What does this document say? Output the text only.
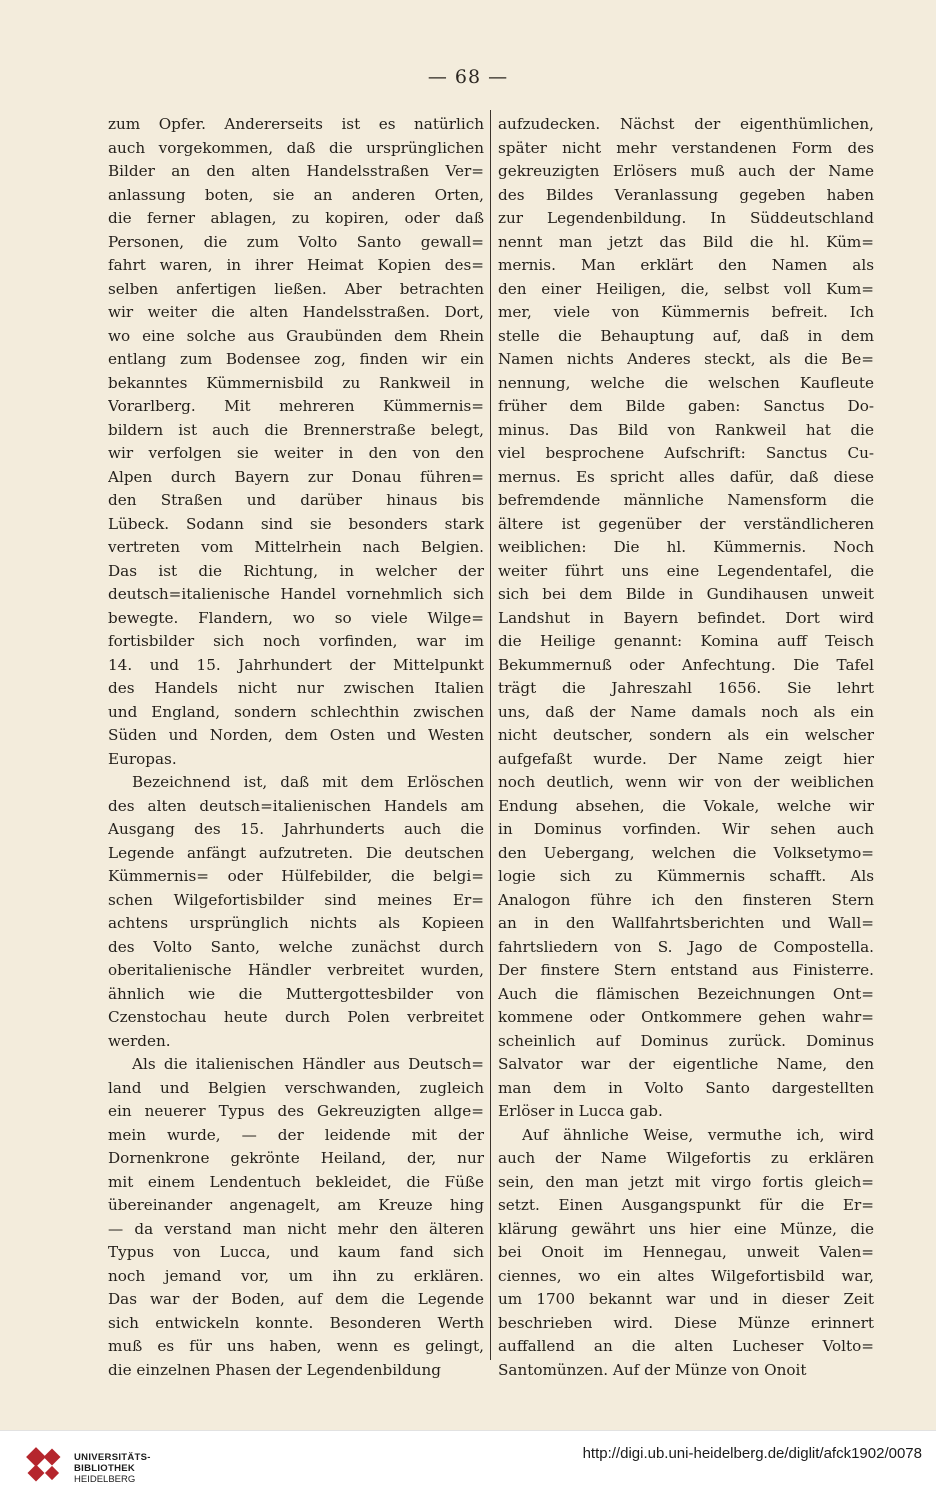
— 68 —
zum Opfer. Andererseits ist es natürlich
auch vorgekommen, daß die ursprünglichen
Bilder an den alten Handelsstraßen Ver=
anlassung boten, sie an anderen Orten,
die ferner ablagen, zu kopiren, oder daß
Personen, die zum Volto Santo gewall=
fahrt waren, in ihrer Heimat Kopien des=
selben anfertigen ließen. Aber betrachten
wir weiter die alten Handelsstraßen. Dort,
wo eine solche aus Graubünden dem Rhein
entlang zum Bodensee zog, finden wir ein
bekanntes Kümmernisbild zu Rankweil in
Vorarlberg. Mit mehreren Kümmernis=
bildern ist auch die Brennerstraße belegt,
wir verfolgen sie weiter in den von den
Alpen durch Bayern zur Donau führen=
den Straßen und darüber hinaus bis
Lübeck. Sodann sind sie besonders stark
vertreten vom Mittelrhein nach Belgien.
Das ist die Richtung, in welcher der
deutsch=italienische Handel vornehmlich sich
bewegte. Flandern, wo so viele Wilge=
fortisbilder sich noch vorfinden, war im
14. und 15. Jahrhundert der Mittelpunkt
des Handels nicht nur zwischen Italien
und England, sondern schlechthin zwischen
Süden und Norden, dem Osten und Westen
Europas.
Bezeichnend ist, daß mit dem Erlöschen
des alten deutsch=italienischen Handels am
Ausgang des 15. Jahrhunderts auch die
Legende anfängt aufzutreten. Die deutschen
Kümmernis= oder Hülfebilder, die belgi=
schen Wilgefortisbilder sind meines Er=
achtens ursprünglich nichts als Kopieen
des Volto Santo, welche zunächst durch
oberitalienische Händler verbreitet wurden,
ähnlich wie die Muttergottesbilder von
Czenstochau heute durch Polen verbreitet
werden.
Als die italienischen Händler aus Deutsch=
land und Belgien verschwanden, zugleich
ein neuerer Typus des Gekreuzigten allge=
mein wurde, — der leidende mit der
Dornenkrone gekrönte Heiland, der, nur
mit einem Lendentuch bekleidet, die Füße
übereinander angenagelt, am Kreuze hing
— da verstand man nicht mehr den älteren
Typus von Lucca, und kaum fand sich
noch jemand vor, um ihn zu erklären.
Das war der Boden, auf dem die Legende
sich entwickeln konnte. Besonderen Werth
muß es für uns haben, wenn es gelingt,
die einzelnen Phasen der Legendenbildung
aufzudecken. Nächst der eigenthümlichen,
später nicht mehr verstandenen Form des
gekreuzigten Erlösers muß auch der Name
des Bildes Veranlassung gegeben haben
zur Legendenbildung. In Süddeutschland
nennt man jetzt das Bild die hl. Küm=
mernis. Man erklärt den Namen als
den einer Heiligen, die, selbst voll Kum=
mer, viele von Kümmernis befreit. Ich
stelle die Behauptung auf, daß in dem
Namen nichts Anderes steckt, als die Be=
nennung, welche die welschen Kaufleute
früher dem Bilde gaben: Sanctus Do-
minus. Das Bild von Rankweil hat die
viel besprochene Aufschrift: Sanctus Cu-
mernus. Es spricht alles dafür, daß diese
befremdende männliche Namensform die
ältere ist gegenüber der verständlicheren
weiblichen: Die hl. Kümmernis. Noch
weiter führt uns eine Legendentafel, die
sich bei dem Bilde in Gundihausen unweit
Landshut in Bayern befindet. Dort wird
die Heilige genannt: Komina auff Teisch
Bekummernuß oder Anfechtung. Die Tafel
trägt die Jahreszahl 1656. Sie lehrt
uns, daß der Name damals noch als ein
nicht deutscher, sondern als ein welscher
aufgefaßt wurde. Der Name zeigt hier
noch deutlich, wenn wir von der weiblichen
Endung absehen, die Vokale, welche wir
in Dominus vorfinden. Wir sehen auch
den Uebergang, welchen die Volksetymo=
logie sich zu Kümmernis schafft. Als
Analogon führe ich den finsteren Stern
an in den Wallfahrtsberichten und Wall=
fahrtsliedern von S. Jago de Compostella.
Der finstere Stern entstand aus Finisterre.
Auch die flämischen Bezeichnungen Ont=
kommene oder Ontkommere gehen wahr=
scheinlich auf Dominus zurück. Dominus
Salvator war der eigentliche Name, den
man dem in Volto Santo dargestellten
Erlöser in Lucca gab.
Auf ähnliche Weise, vermuthe ich, wird
auch der Name Wilgefortis zu erklären
sein, den man jetzt mit virgo fortis gleich=
setzt. Einen Ausgangspunkt für die Er=
klärung gewährt uns hier eine Münze, die
bei Onoit im Hennegau, unweit Valen=
ciennes, wo ein altes Wilgefortisbild war,
um 1700 bekannt war und in dieser Zeit
beschrieben wird. Diese Münze erinnert
auffallend an die alten Lucheser Volto=
Santomünzen. Auf der Münze von Onoit
UNIVERSITÄTS-
BIBLIOTHEK
HEIDELBERG
http://digi.ub.uni-heidelberg.de/diglit/afck1902/0078
